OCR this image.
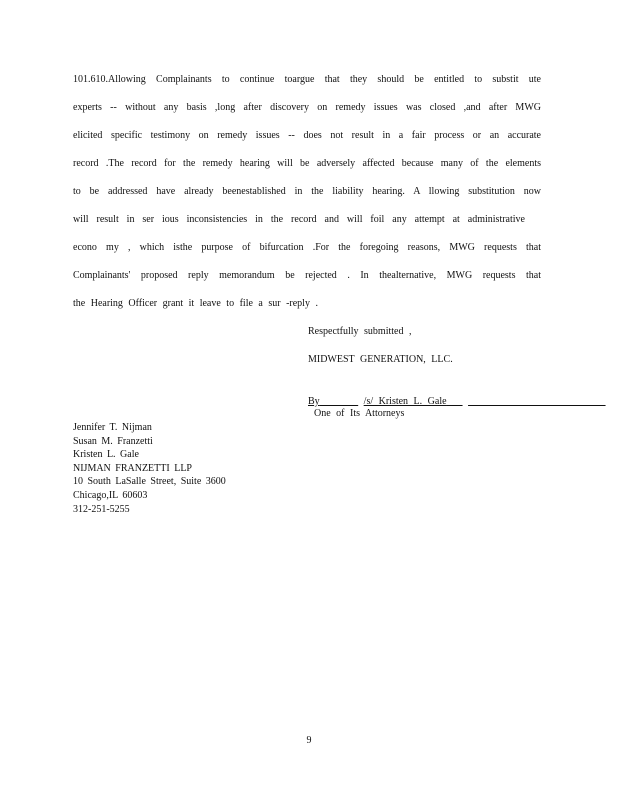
101.610.Allowing Complainants to continue toargue that they should be entitled to substit ute
experts -- without any basis ,long after discovery on remedy issues was closed ,and after MWG
elicited specific testimony on remedy issues -- does not result in a fair process or an accurate
record .The record for the remedy hearing will be adversely affected because many of the elements
to be addressed have already beenestablished in the liability hearing. A llowing substitution now
will result in ser ious inconsistencies in the record and will foil any attempt at administrative
econo my , which isthe purpose of bifurcation .For the foregoing reasons, MWG requests that
Complainants' proposed reply memorandum be rejected . In thealternative, MWG requests that
the Hearing Officer grant it leave to file a sur -reply .
Respectfully submitted ,
MIDWEST GENERATION, LLC.
By	/s/ Kristen L. Gale _
One of Its Attorneys
Jennifer T. Nijman
Susan M. Franzetti
Kristen L. Gale
NIJMAN FRANZETTI LLP
10 South LaSalle Street, Suite 3600
Chicago,IL 60603
312-251-5255
9
